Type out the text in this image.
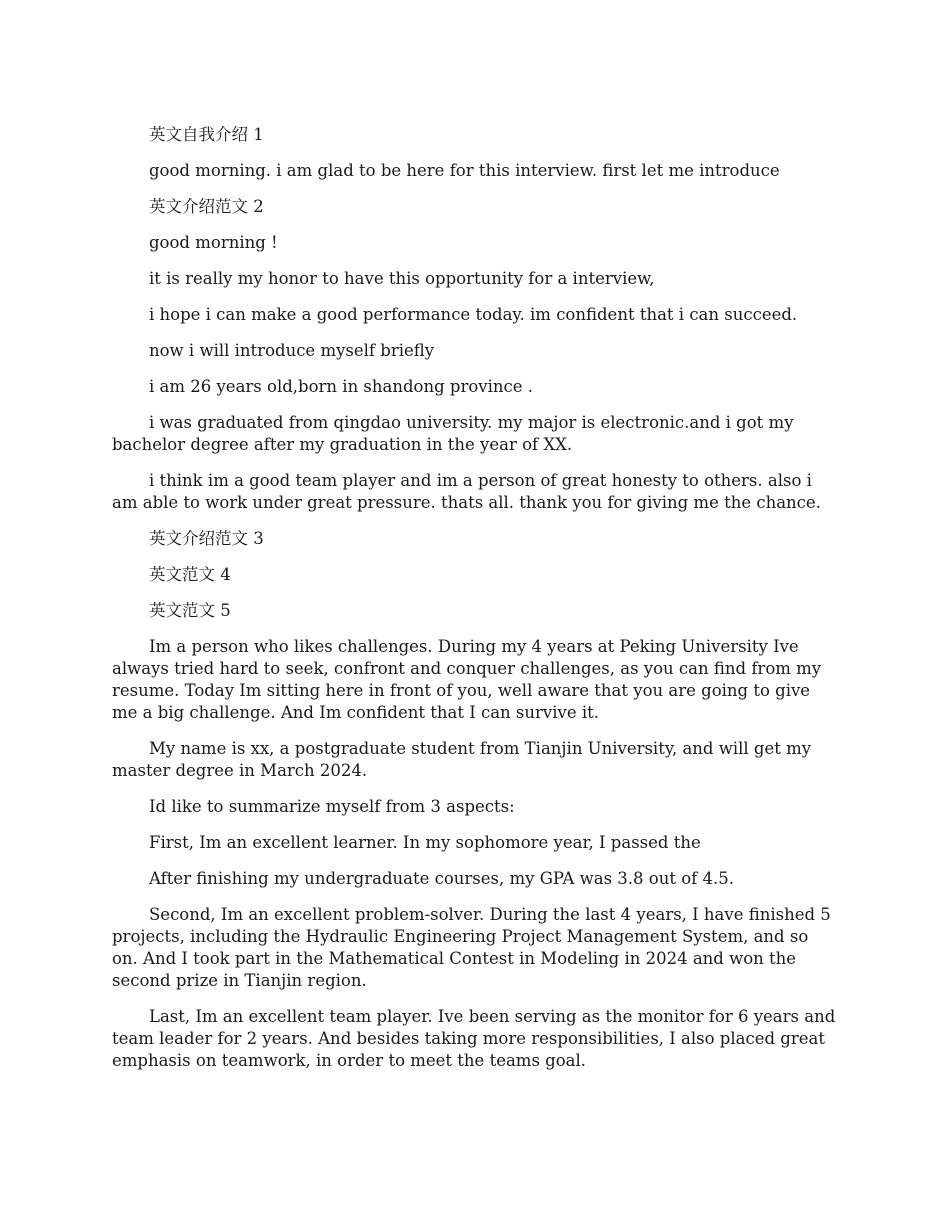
英文自我介绍 1

good morning. i am glad to be here for this interview. first let me introduce

英文介绍范文 2

good morning !

it is really my honor to have this opportunity for a interview,

i hope i can make a good performance today. im confident that i can succeed.

now i will introduce myself briefly

i am 26 years old,born in shandong province .

i was graduated from qingdao university. my major is electronic.and i got my bachelor degree after my graduation in the year of XX.

i think im a good team player and im a person of great honesty to others. also i am able to work under great pressure. thats all. thank you for giving me the chance.

英文介绍范文 3

英文范文 4

英文范文 5

Im a person who likes challenges. During my 4 years at Peking University Ive always tried hard to seek, confront and conquer challenges, as you can find from my resume. Today Im sitting here in front of you, well aware that you are going to give me a big challenge. And Im confident that I can survive it.

My name is xx, a postgraduate student from Tianjin University, and will get my master degree in March 2024.

Id like to summarize myself from 3 aspects:

First, Im an excellent learner. In my sophomore year, I passed the

After finishing my undergraduate courses, my GPA was 3.8 out of 4.5.

Second, Im an excellent problem-solver. During the last 4 years, I have finished 5 projects, including the Hydraulic Engineering Project Management System, and so on. And I took part in the Mathematical Contest in Modeling in 2024 and won the second prize in Tianjin region.

Last, Im an excellent team player. Ive been serving as the monitor for 6 years and team leader for 2 years. And besides taking more responsibilities, I also placed great emphasis on teamwork, in order to meet the teams goal.
